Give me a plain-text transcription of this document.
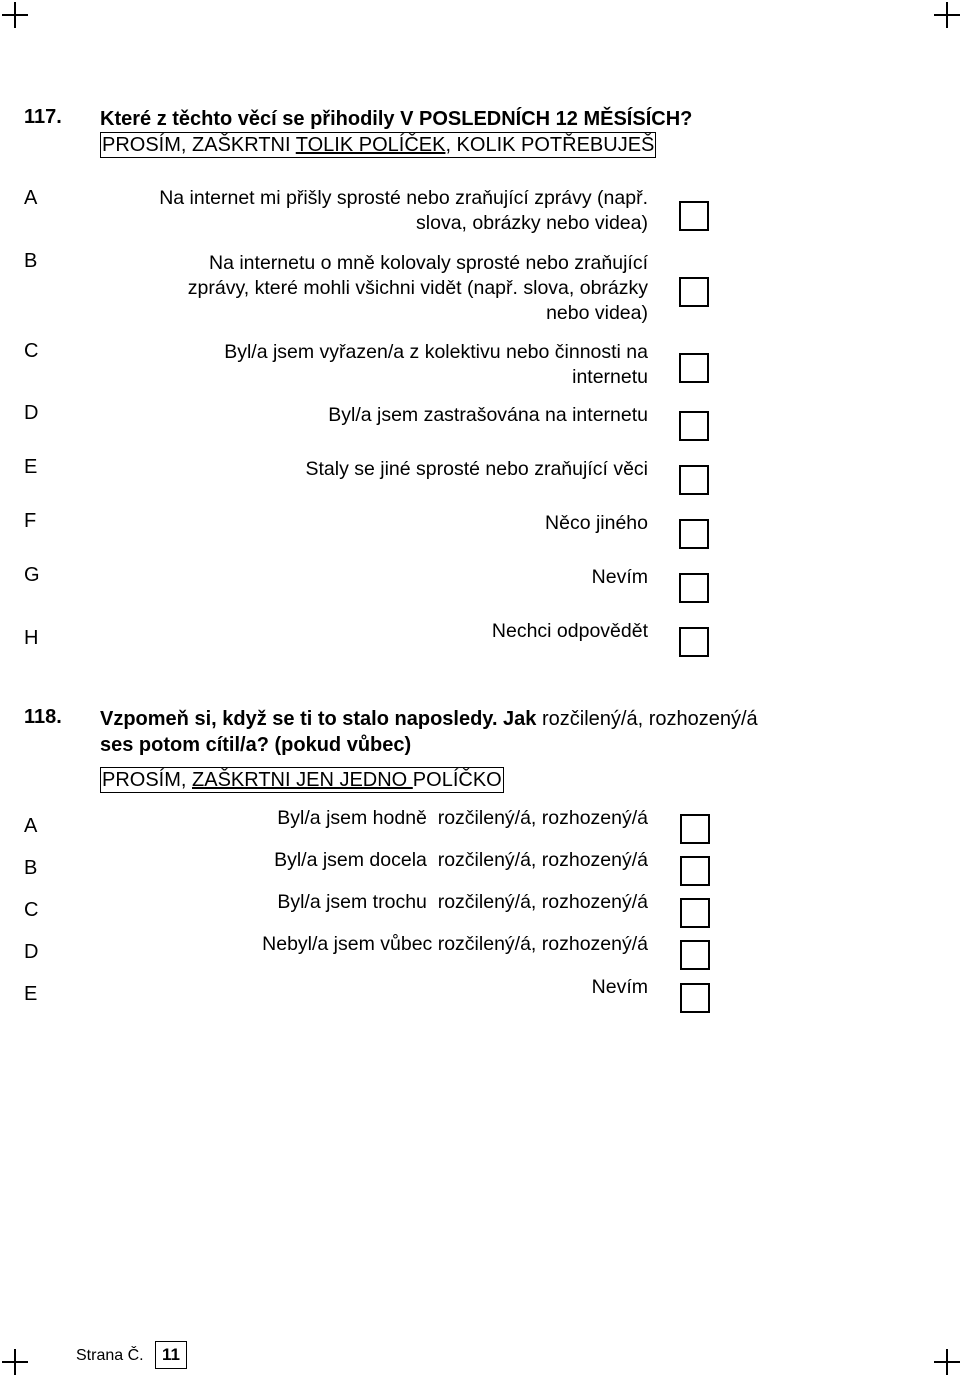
117. Které z těchto věcí se přihodily V POSLEDNÍCH 12 MĚSÍSÍCH?
PROSÍM, ZAŠKRTNI TOLIK POLÍČEK, KOLIK POTŘEBUJEŠ
A
B
C
D
E
F
G
H
Na internet mi přišly sprosté nebo zraňující zprávy (např.
slova, obrázky nebo videa)
Na internetu o mně kolovaly sprosté nebo zraňující
zprávy, které mohli všichni vidět (např. slova, obrázky
nebo videa)
Byl/a jsem vyřazen/a z kolektivu nebo činnosti na
internetu
Byl/a jsem zastrašována na internetu
Staly se jiné sprosté nebo zraňující věci
Něco jiného
Nevím
Nechci odpovědět
118. Vzpomeň si, když se ti to stalo naposledy. Jak rozčilený/á, rozhozený/á
ses potom cítil/a? (pokud vůbec)
PROSÍM, ZAŠKRTNI JEN JEDNO POLÍČKO
A
B
C
D
E
Byl/a jsem hodně  rozčilený/á, rozhozený/á
Byl/a jsem docela  rozčilený/á, rozhozený/á
Byl/a jsem trochu  rozčilený/á, rozhozený/á
Nebyl/a jsem vůbec rozčilený/á, rozhozený/á
Nevím
Strana Č.	11
